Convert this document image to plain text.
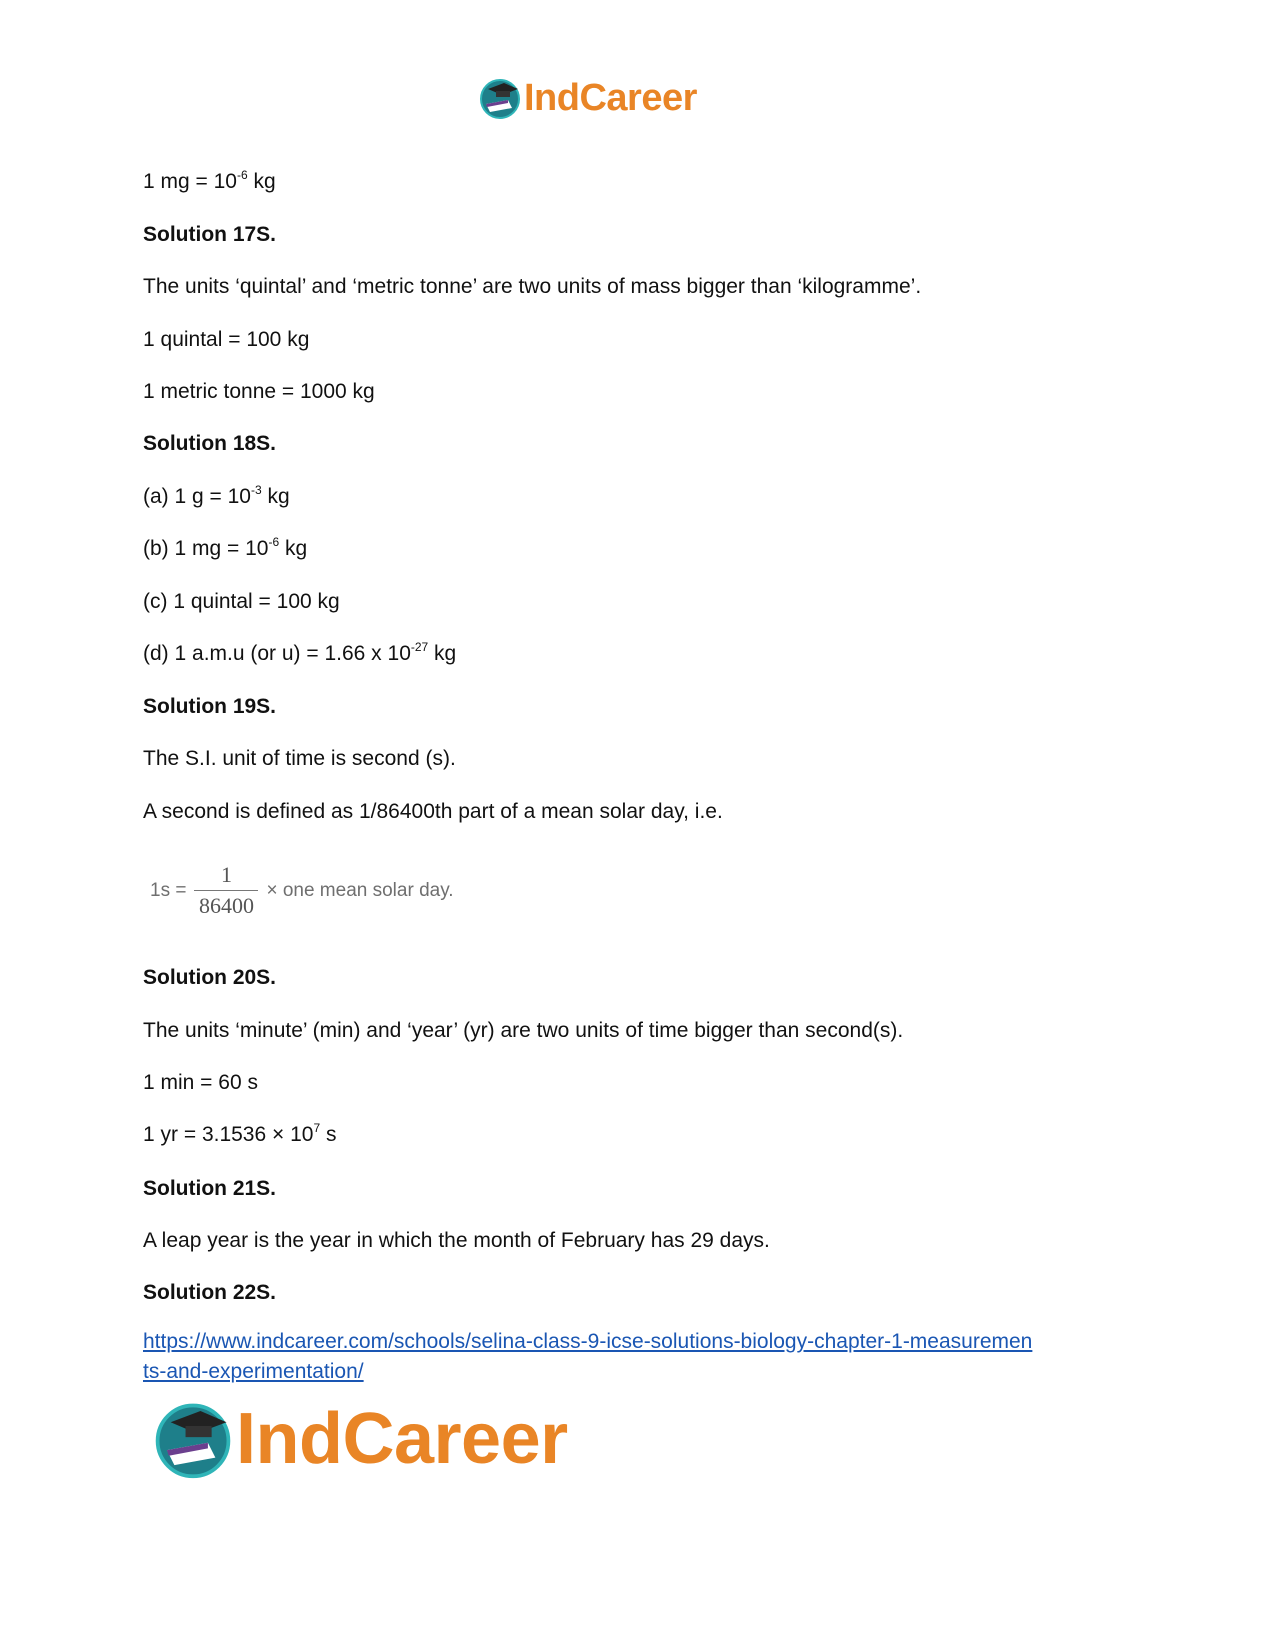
IndCareer
1 mg = $10^{-6}$ kg
Solution 17S.
The units ‘quintal’ and ‘metric tonne’ are two units of mass bigger than ‘kilogramme’.
1 quintal = 100 kg
1 metric tonne = 1000 kg
Solution 18S.
(a) 1 $g = 10^{-3}$ kg
(b) 1 mg = $10^{-6}$ kg
(c) 1 quintal = 100 kg
(d) 1 a.m.u (or u) = 1.66 x $10^{-27}$ kg
Solution 19S.
The S.I. unit of time is second (s).
A second is defined as 1/86400th part of a mean solar day, i.e.
$1s = \frac{1}{86400}$ × one mean solar day.
Solution 20S.
The units ‘minute’ (min) and ‘year’ (yr) are two units of time bigger than second(s).
1 min = 60 s
1 yr = $3.1536 \times 10^7$ s
Solution 21S.
A leap year is the year in which the month of February has 29 days.
Solution 22S.
https://www.indcareer.com/schools/selina-class-9-icse-solutions-biology-chapter-1-measuremen
ts-and-experimentation/
IndCareer
